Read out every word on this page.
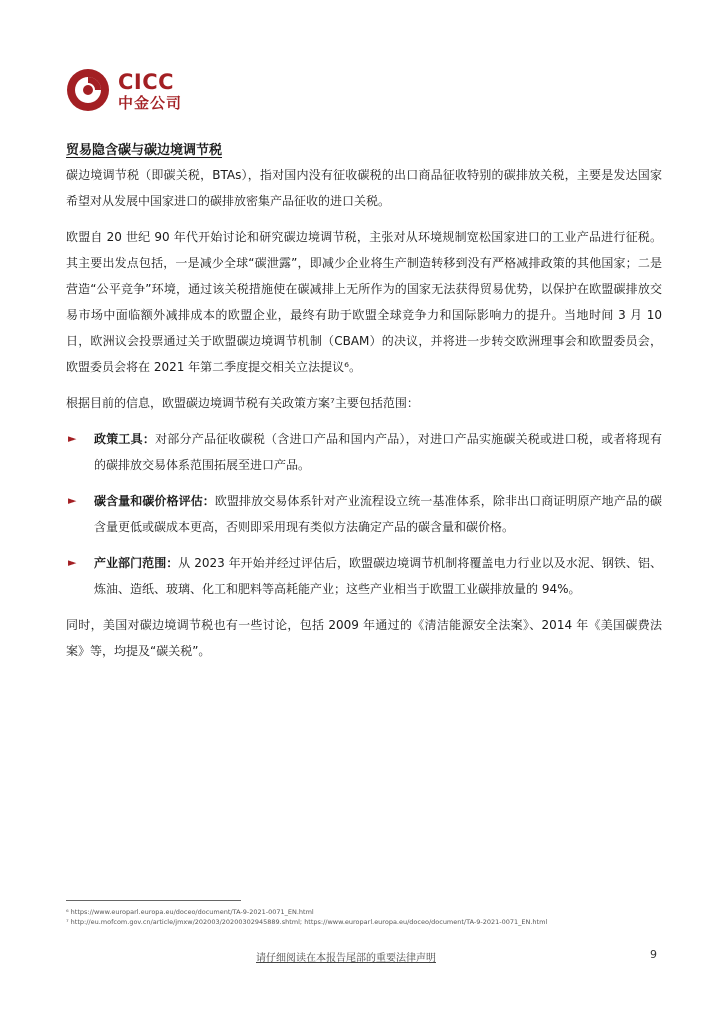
CICC
中金公司
贸易隐含碳与碳边境调节税

碳边境调节税（即碳关税，BTAs），指对国内没有征收碳税的出口商品征收特别的碳排放关税，主要是发达国家希望对从发展中国家进口的碳排放密集产品征收的进口关税。

欧盟自 20 世纪 90 年代开始讨论和研究碳边境调节税，主张对从环境规制宽松国家进口的工业产品进行征税。其主要出发点包括，一是减少全球“碳泄露”，即减少企业将生产制造转移到没有严格减排政策的其他国家；二是营造“公平竞争”环境，通过该关税措施使在碳减排上无所作为的国家无法获得贸易优势，以保护在欧盟碳排放交易市场中面临额外减排成本的欧盟企业，最终有助于欧盟全球竞争力和国际影响力的提升。当地时间 3 月 10 日，欧洲议会投票通过关于欧盟碳边境调节机制（CBAM）的决议，并将进一步转交欧洲理事会和欧盟委员会，欧盟委员会将在 2021 年第二季度提交相关立法提议⁶。

根据目前的信息，欧盟碳边境调节税有关政策方案⁷主要包括范围：

► 政策工具：对部分产品征收碳税（含进口产品和国内产品），对进口产品实施碳关税或进口税，或者将现有的碳排放交易体系范围拓展至进口产品。
► 碳含量和碳价格评估：欧盟排放交易体系针对产业流程设立统一基准体系，除非出口商证明原产地产品的碳含量更低或碳成本更高，否则即采用现有类似方法确定产品的碳含量和碳价格。
► 产业部门范围：从 2023 年开始并经过评估后，欧盟碳边境调节机制将覆盖电力行业以及水泥、钢铁、铝、炼油、造纸、玻璃、化工和肥料等高耗能产业；这些产业相当于欧盟工业碳排放量的 94%。

同时，美国对碳边境调节税也有一些讨论，包括 2009 年通过的《清洁能源安全法案》、2014 年《美国碳费法案》等，均提及“碳关税”。

⁶ https://www.europarl.europa.eu/doceo/document/TA-9-2021-0071_EN.html
⁷ http://eu.mofcom.gov.cn/article/jmxw/202003/20200302945889.shtml; https://www.europarl.europa.eu/doceo/document/TA-9-2021-0071_EN.html
请仔细阅读在本报告尾部的重要法律声明	9
